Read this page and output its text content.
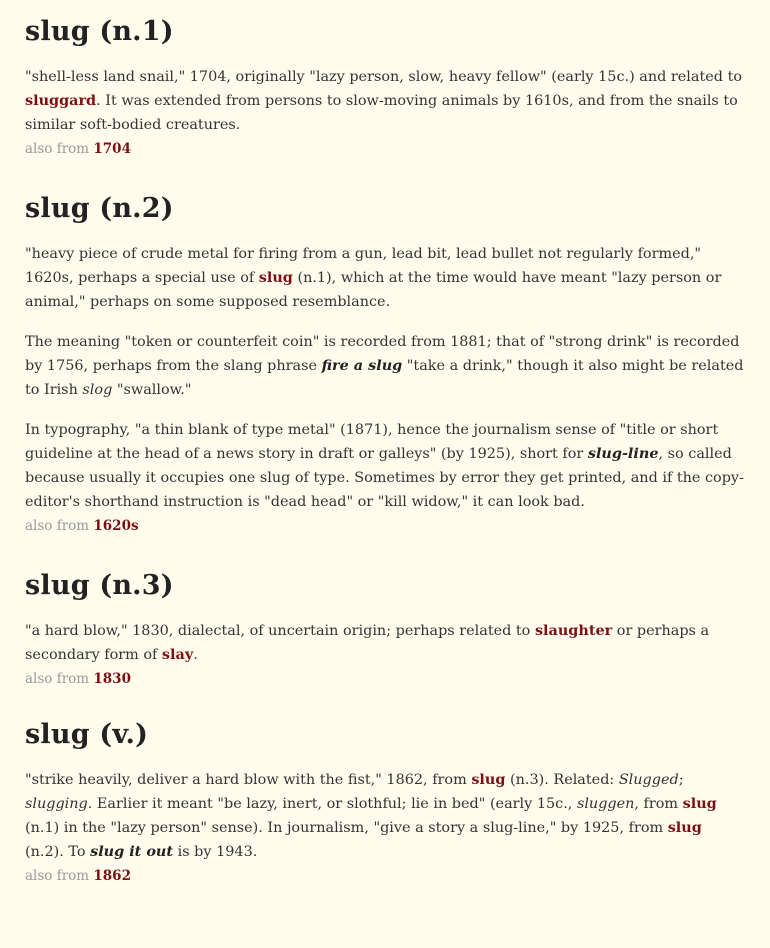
slug (n.1)

"shell-less land snail," 1704, originally "lazy person, slow, heavy fellow" (early 15c.) and related to sluggard. It was extended from persons to slow-moving animals by 1610s, and from the snails to similar soft-bodied creatures.

also from 1704
slug (n.2)

"heavy piece of crude metal for firing from a gun, lead bit, lead bullet not regularly formed," 1620s, perhaps a special use of slug (n.1), which at the time would have meant "lazy person or animal," perhaps on some supposed resemblance.

The meaning "token or counterfeit coin" is recorded from 1881; that of "strong drink" is recorded by 1756, perhaps from the slang phrase fire a slug "take a drink," though it also might be related to Irish slog "swallow."

In typography, "a thin blank of type metal" (1871), hence the journalism sense of "title or short guideline at the head of a news story in draft or galleys" (by 1925), short for slug-line, so called because usually it occupies one slug of type. Sometimes by error they get printed, and if the copy-editor's shorthand instruction is "dead head" or "kill widow," it can look bad.

also from 1620s
slug (n.3)

"a hard blow," 1830, dialectal, of uncertain origin; perhaps related to slaughter or perhaps a secondary form of slay.

also from 1830
slug (v.)

"strike heavily, deliver a hard blow with the fist," 1862, from slug (n.3). Related: Slugged; slugging. Earlier it meant "be lazy, inert, or slothful; lie in bed" (early 15c., sluggen, from slug (n.1) in the "lazy person" sense). In journalism, "give a story a slug-line," by 1925, from slug (n.2). To slug it out is by 1943.

also from 1862
